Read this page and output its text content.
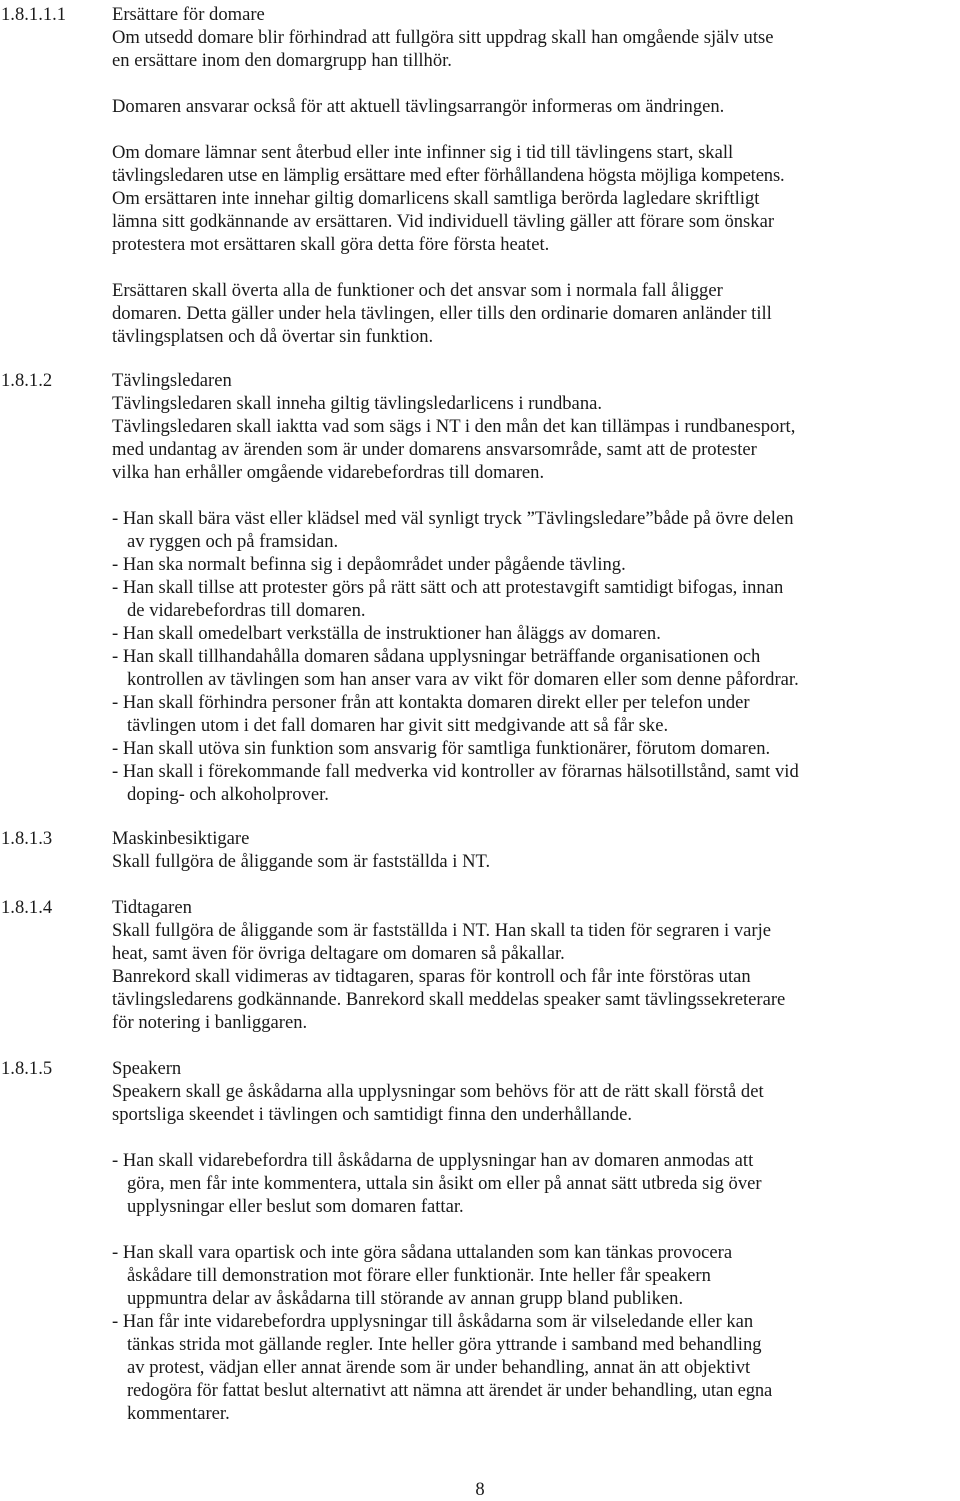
1.8.1.1.1 Ersättare för domare
Om utsedd domare blir förhindrad att fullgöra sitt uppdrag skall han omgående själv utse
en ersättare inom den domargrupp han tillhör.
Domaren ansvarar också för att aktuell tävlingsarrangör informeras om ändringen.
Om domare lämnar sent återbud eller inte infinner sig i tid till tävlingens start, skall
tävlingsledaren utse en lämplig ersättare med efter förhållandena högsta möjliga kompetens.
Om ersättaren inte innehar giltig domarlicens skall samtliga berörda lagledare skriftligt
lämna sitt godkännande av ersättaren. Vid individuell tävling gäller att förare som önskar
protestera mot ersättaren skall göra detta före första heatet.
Ersättaren skall överta alla de funktioner och det ansvar som i normala fall åligger
domaren. Detta gäller under hela tävlingen, eller tills den ordinarie domaren anländer till
tävlingsplatsen och då övertar sin funktion.
1.8.1.2	Tävlingsledaren
Tävlingsledaren skall inneha giltig tävlingsledarlicens i rundbana.
Tävlingsledaren skall iaktta vad som sägs i NT i den mån det kan tillämpas i rundbanesport,
med undantag av ärenden som är under domarens ansvarsområde, samt att de protester
vilka han erhåller omgående vidarebefordras till domaren.
- Han skall bära väst eller klädsel med väl synligt tryck ”Tävlingsledare”både på övre delen
av ryggen och på framsidan.
- Han ska normalt befinna sig i depåområdet under pågående tävling.
- Han skall tillse att protester görs på rätt sätt och att protestavgift samtidigt bifogas, innan
de vidarebefordras till domaren.
- Han skall omedelbart verkställa de instruktioner han åläggs av domaren.
- Han skall tillhandahålla domaren sådana upplysningar beträffande organisationen och
kontrollen av tävlingen som han anser vara av vikt för domaren eller som denne påfordrar.
- Han skall förhindra personer från att kontakta domaren direkt eller per telefon under
tävlingen utom i det fall domaren har givit sitt medgivande att så får ske.
- Han skall utöva sin funktion som ansvarig för samtliga funktionärer, förutom domaren.
- Han skall i förekommande fall medverka vid kontroller av förarnas hälsotillstånd, samt vid
doping- och alkoholprover.
1.8.1.3	Maskinbesiktigare
Skall fullgöra de åliggande som är fastställda i NT.
1.8.1.4	Tidtagaren
Skall fullgöra de åliggande som är fastställda i NT. Han skall ta tiden för segraren i varje
heat, samt även för övriga deltagare om domaren så påkallar.
Banrekord skall vidimeras av tidtagaren, sparas för kontroll och får inte förstöras utan
tävlingsledarens godkännande. Banrekord skall meddelas speaker samt tävlingssekreterare
för notering i banliggaren.
1.8.1.5	Speakern
Speakern skall ge åskådarna alla upplysningar som behövs för att de rätt skall förstå det
sportsliga skeendet i tävlingen och samtidigt finna den underhållande.
- Han skall vidarebefordra till åskådarna de upplysningar han av domaren anmodas att
göra, men får inte kommentera, uttala sin åsikt om eller på annat sätt utbreda sig över
upplysningar eller beslut som domaren fattar.
- Han skall vara opartisk och inte göra sådana uttalanden som kan tänkas provocera
åskådare till demonstration mot förare eller funktionär. Inte heller får speakern
uppmuntra delar av åskådarna till störande av annan grupp bland publiken.
- Han får inte vidarebefordra upplysningar till åskådarna som är vilseledande eller kan
tänkas strida mot gällande regler. Inte heller göra yttrande i samband med behandling
av protest, vädjan eller annat ärende som är under behandling, annat än att objektivt
redogöra för fattat beslut alternativt att nämna att ärendet är under behandling, utan egna
kommentarer.
8
